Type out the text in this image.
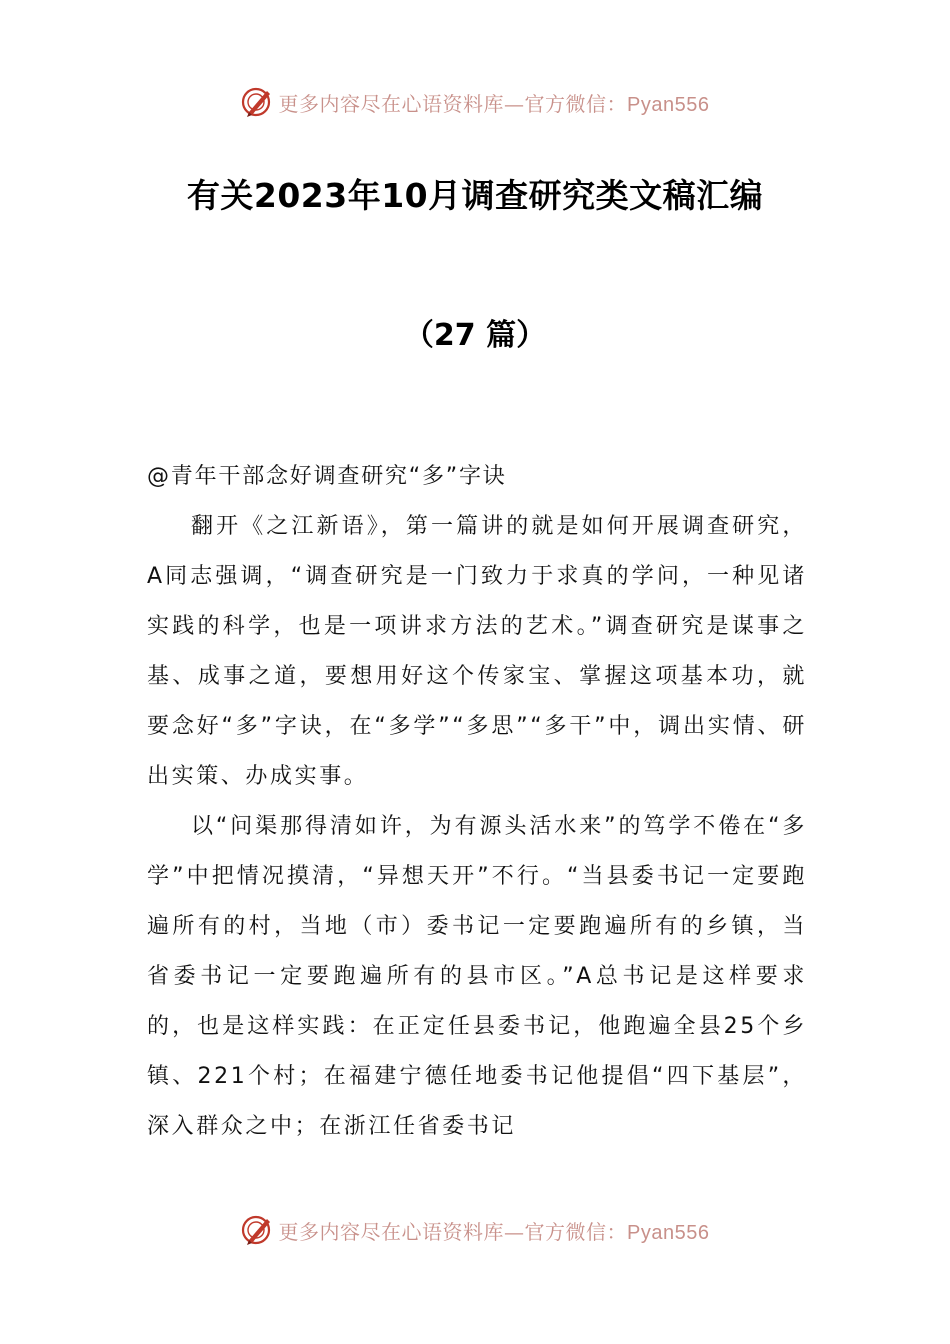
更多内容尽在心语资料库—官方微信：Pyan556
有关2023年10月调查研究类文稿汇编
（27 篇）

@青年干部念好调查研究“多”字诀

翻开《之江新语》，第一篇讲的就是如何开展调查研究，A同志强调，“调查研究是一门致力于求真的学问，一种见诸实践的科学，也是一项讲求方法的艺术。”调查研究是谋事之基、成事之道，要想用好这个传家宝、掌握这项基本功，就要念好“多”字诀，在“多学”“多思”“多干”中，调出实情、研出实策、办成实事。

以“问渠那得清如许，为有源头活水来”的笃学不倦在“多学”中把情况摸清，“异想天开”不行。“当县委书记一定要跑遍所有的村，当地（市）委书记一定要跑遍所有的乡镇，当省委书记一定要跑遍所有的县市区。”A总书记是这样要求的，也是这样实践：在正定任县委书记，他跑遍全县25个乡镇、221个村；在福建宁德任地委书记他提倡“四下基层”，深入群众之中；在浙江任省委书记

更多内容尽在心语资料库—官方微信：Pyan556
